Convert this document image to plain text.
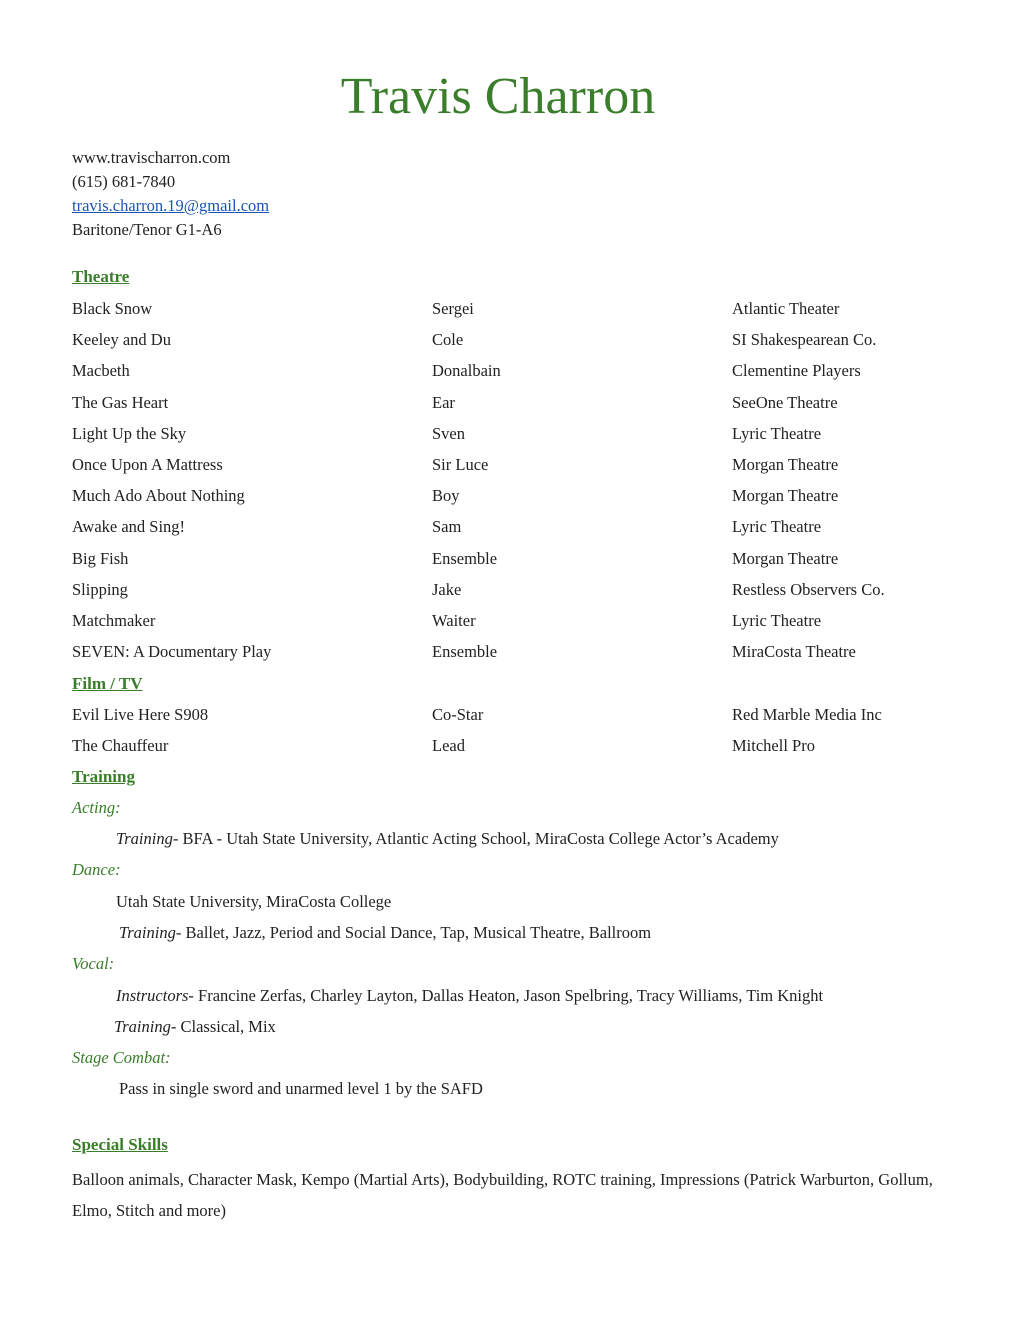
Travis Charron
www.travischarron.com
(615) 681-7840
travis.charron.19@gmail.com
Baritone/Tenor G1-A6
Theatre
Black Snow	Sergei	Atlantic Theater
Keeley and Du	Cole	SI Shakespearean Co.
Macbeth	Donalbain	Clementine Players
The Gas Heart	Ear	SeeOne Theatre
Light Up the Sky	Sven	Lyric Theatre
Once Upon A Mattress	Sir Luce	Morgan Theatre
Much Ado About Nothing	Boy	Morgan Theatre
Awake and Sing!	Sam	Lyric Theatre
Big Fish	Ensemble	Morgan Theatre
Slipping	Jake	Restless Observers Co.
Matchmaker	Waiter	Lyric Theatre
SEVEN: A Documentary Play	Ensemble	MiraCosta Theatre
Film / TV
Evil Live Here S908	Co-Star	Red Marble Media Inc
The Chauffeur	Lead	Mitchell Pro
Training
Acting:
Training- BFA - Utah State University, Atlantic Acting School, MiraCosta College Actor’s Academy
Dance:
Utah State University, MiraCosta College
Training- Ballet, Jazz, Period and Social Dance, Tap, Musical Theatre, Ballroom
Vocal:
Instructors- Francine Zerfas, Charley Layton, Dallas Heaton, Jason Spelbring, Tracy Williams, Tim Knight
Training- Classical, Mix
Stage Combat:
Pass in single sword and unarmed level 1 by the SAFD
Special Skills
Balloon animals, Character Mask, Kempo (Martial Arts), Bodybuilding, ROTC training, Impressions (Patrick Warburton, Gollum, Elmo, Stitch and more)
